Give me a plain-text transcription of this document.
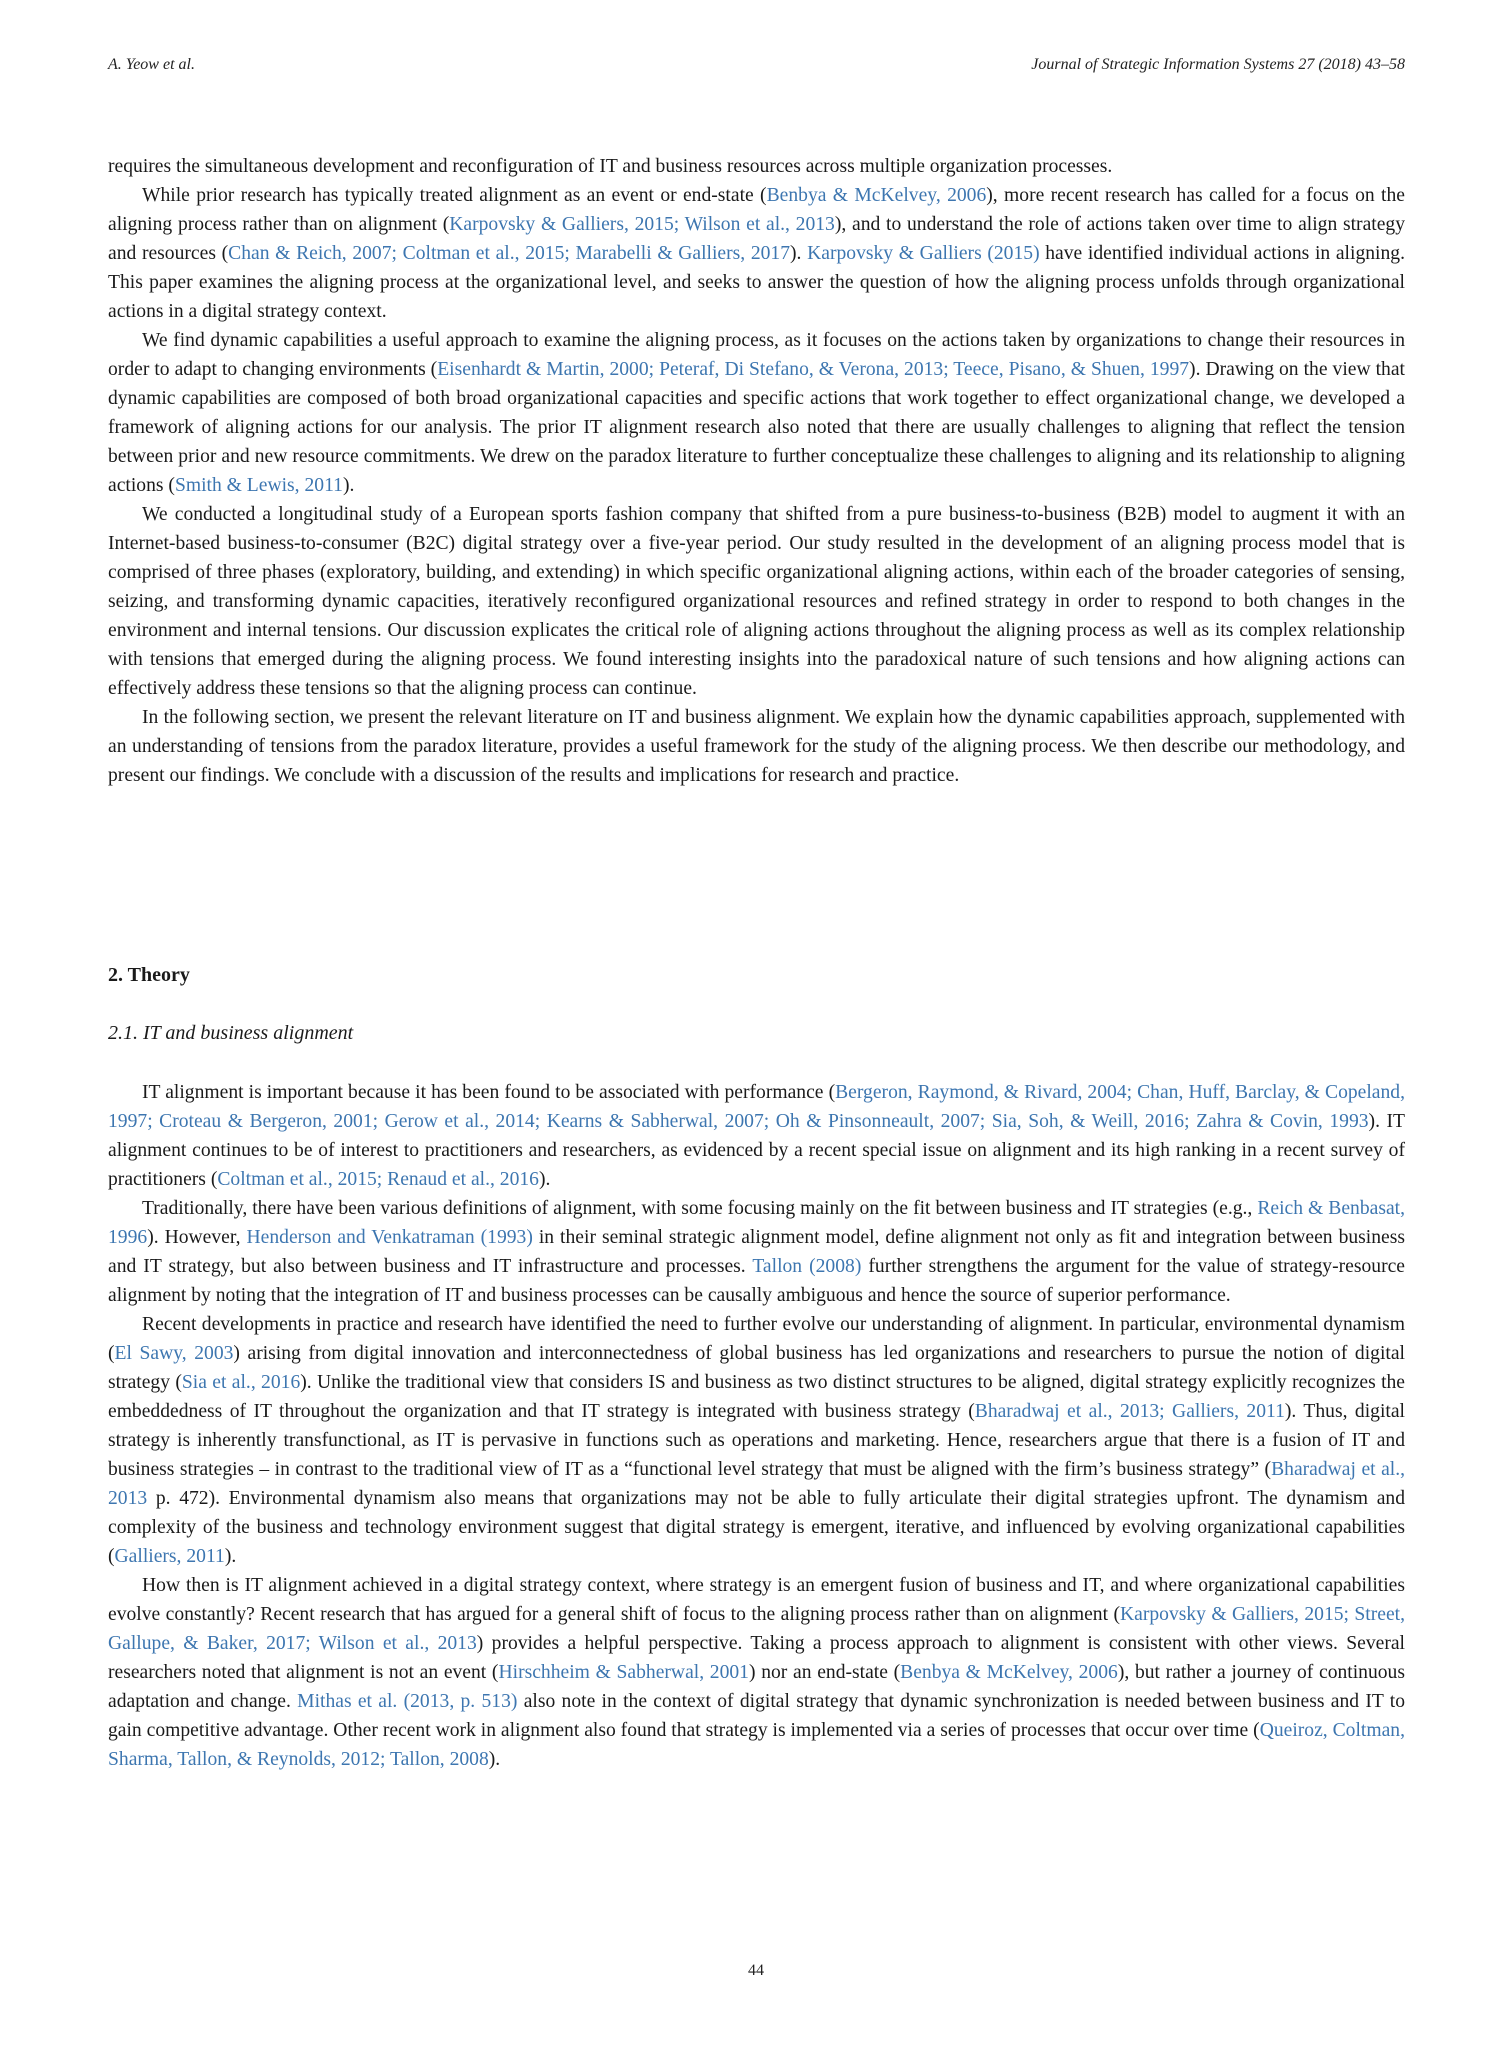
A. Yeow et al.	Journal of Strategic Information Systems 27 (2018) 43–58

requires the simultaneous development and reconfiguration of IT and business resources across multiple organization processes.

While prior research has typically treated alignment as an event or end-state (Benbya & McKelvey, 2006), more recent research has called for a focus on the aligning process rather than on alignment (Karpovsky & Galliers, 2015; Wilson et al., 2013), and to understand the role of actions taken over time to align strategy and resources (Chan & Reich, 2007; Coltman et al., 2015; Marabelli & Galliers, 2017). Karpovsky & Galliers (2015) have identified individual actions in aligning. This paper examines the aligning process at the organizational level, and seeks to answer the question of how the aligning process unfolds through organizational actions in a digital strategy context.

We find dynamic capabilities a useful approach to examine the aligning process, as it focuses on the actions taken by organizations to change their resources in order to adapt to changing environments (Eisenhardt & Martin, 2000; Peteraf, Di Stefano, & Verona, 2013; Teece, Pisano, & Shuen, 1997). Drawing on the view that dynamic capabilities are composed of both broad organizational capacities and specific actions that work together to effect organizational change, we developed a framework of aligning actions for our analysis. The prior IT alignment research also noted that there are usually challenges to aligning that reflect the tension between prior and new resource commitments. We drew on the paradox literature to further conceptualize these challenges to aligning and its relationship to aligning actions (Smith & Lewis, 2011).

We conducted a longitudinal study of a European sports fashion company that shifted from a pure business-to-business (B2B) model to augment it with an Internet-based business-to-consumer (B2C) digital strategy over a five-year period. Our study resulted in the development of an aligning process model that is comprised of three phases (exploratory, building, and extending) in which specific organizational aligning actions, within each of the broader categories of sensing, seizing, and transforming dynamic capacities, iteratively reconfigured organizational resources and refined strategy in order to respond to both changes in the environment and internal tensions. Our discussion explicates the critical role of aligning actions throughout the aligning process as well as its complex relationship with tensions that emerged during the aligning process. We found interesting insights into the paradoxical nature of such tensions and how aligning actions can effectively address these tensions so that the aligning process can continue.

In the following section, we present the relevant literature on IT and business alignment. We explain how the dynamic capabilities approach, supplemented with an understanding of tensions from the paradox literature, provides a useful framework for the study of the aligning process. We then describe our methodology, and present our findings. We conclude with a discussion of the results and implications for research and practice.

2. Theory
2.1. IT and business alignment

IT alignment is important because it has been found to be associated with performance (Bergeron, Raymond, & Rivard, 2004; Chan, Huff, Barclay, & Copeland, 1997; Croteau & Bergeron, 2001; Gerow et al., 2014; Kearns & Sabherwal, 2007; Oh & Pinsonneault, 2007; Sia, Soh, & Weill, 2016; Zahra & Covin, 1993). IT alignment continues to be of interest to practitioners and researchers, as evidenced by a recent special issue on alignment and its high ranking in a recent survey of practitioners (Coltman et al., 2015; Renaud et al., 2016).

Traditionally, there have been various definitions of alignment, with some focusing mainly on the fit between business and IT strategies (e.g., Reich & Benbasat, 1996). However, Henderson and Venkatraman (1993) in their seminal strategic alignment model, define alignment not only as fit and integration between business and IT strategy, but also between business and IT infrastructure and processes. Tallon (2008) further strengthens the argument for the value of strategy-resource alignment by noting that the integration of IT and business processes can be causally ambiguous and hence the source of superior performance.

Recent developments in practice and research have identified the need to further evolve our understanding of alignment. In particular, environmental dynamism (El Sawy, 2003) arising from digital innovation and interconnectedness of global business has led organizations and researchers to pursue the notion of digital strategy (Sia et al., 2016). Unlike the traditional view that considers IS and business as two distinct structures to be aligned, digital strategy explicitly recognizes the embeddedness of IT throughout the organization and that IT strategy is integrated with business strategy (Bharadwaj et al., 2013; Galliers, 2011). Thus, digital strategy is inherently transfunctional, as IT is pervasive in functions such as operations and marketing. Hence, researchers argue that there is a fusion of IT and business strategies – in contrast to the traditional view of IT as a “functional level strategy that must be aligned with the firm’s business strategy” (Bharadwaj et al., 2013 p. 472). Environmental dynamism also means that organizations may not be able to fully articulate their digital strategies upfront. The dynamism and complexity of the business and technology environment suggest that digital strategy is emergent, iterative, and influenced by evolving organizational capabilities (Galliers, 2011).

How then is IT alignment achieved in a digital strategy context, where strategy is an emergent fusion of business and IT, and where organizational capabilities evolve constantly? Recent research that has argued for a general shift of focus to the aligning process rather than on alignment (Karpovsky & Galliers, 2015; Street, Gallupe, & Baker, 2017; Wilson et al., 2013) provides a helpful perspective. Taking a process approach to alignment is consistent with other views. Several researchers noted that alignment is not an event (Hirschheim & Sabherwal, 2001) nor an end-state (Benbya & McKelvey, 2006), but rather a journey of continuous adaptation and change. Mithas et al. (2013, p. 513) also note in the context of digital strategy that dynamic synchronization is needed between business and IT to gain competitive advantage. Other recent work in alignment also found that strategy is implemented via a series of processes that occur over time (Queiroz, Coltman, Sharma, Tallon, & Reynolds, 2012; Tallon, 2008).

44
